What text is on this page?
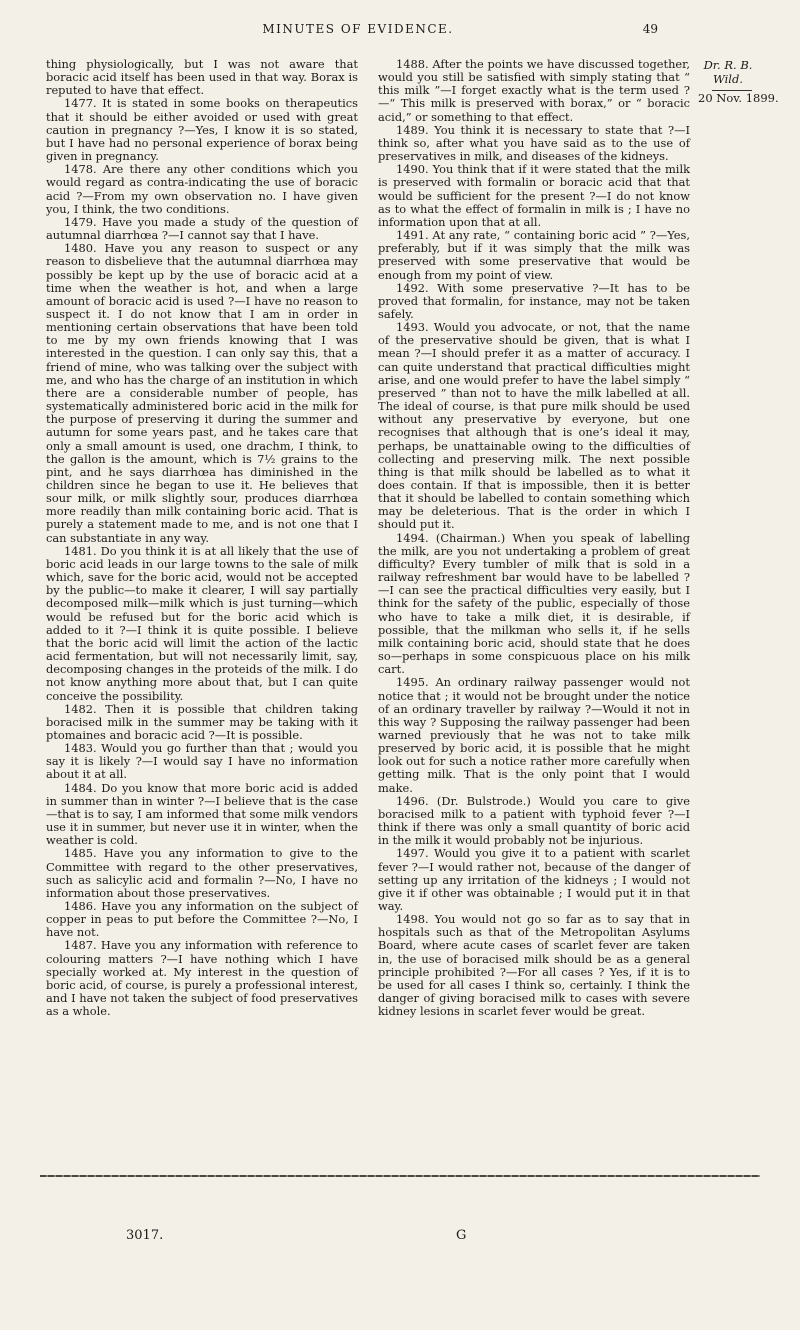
MINUTES OF EVIDENCE.	49

thing physiologically, but I was not aware that boracic acid itself has been used in that way. Borax is reputed to have that effect.

1477. It is stated in some books on therapeutics that it should be either avoided or used with great caution in pregnancy ?—Yes, I know it is so stated, but I have had no personal experience of borax being given in pregnancy.

1478. Are there any other conditions which you would regard as contra-indicating the use of boracic acid ?—From my own observation no. I have given you, I think, the two conditions.

1479. Have you made a study of the question of autumnal diarrhœa ?—I cannot say that I have.

1480. Have you any reason to suspect or any reason to disbelieve that the autumnal diarrhœa may possibly be kept up by the use of boracic acid at a time when the weather is hot, and when a large amount of boracic acid is used ?—I have no reason to suspect it. I do not know that I am in order in mentioning certain observations that have been told to me by my own friends knowing that I was interested in the question. I can only say this, that a friend of mine, who was talking over the subject with me, and who has the charge of an institution in which there are a considerable number of people, has systematically administered boric acid in the milk for the purpose of preserving it during the summer and autumn for some years past, and he takes care that only a small amount is used, one drachm, I think, to the gallon is the amount, which is 7½ grains to the pint, and he says diarrhœa has diminished in the children since he began to use it. He believes that sour milk, or milk slightly sour, produces diarrhœa more readily than milk containing boric acid. That is purely a statement made to me, and is not one that I can substantiate in any way.

1481. Do you think it is at all likely that the use of boric acid leads in our large towns to the sale of milk which, save for the boric acid, would not be accepted by the public—to make it clearer, I will say partially decomposed milk—milk which is just turning—which would be refused but for the boric acid which is added to it ?—I think it is quite possible. I believe that the boric acid will limit the action of the lactic acid fermentation, but will not necessarily limit, say, decomposing changes in the proteids of the milk. I do not know anything more about that, but I can quite conceive the possibility.

1482. Then it is possible that children taking boracised milk in the summer may be taking with it ptomaines and boracic acid ?—It is possible.

1483. Would you go further than that ; would you say it is likely ?—I would say I have no information about it at all.

1484. Do you know that more boric acid is added in summer than in winter ?—I believe that is the case—that is to say, I am informed that some milk vendors use it in summer, but never use it in winter, when the weather is cold.

1485. Have you any information to give to the Committee with regard to the other preservatives, such as salicylic acid and formalin ?—No, I have no information about those preservatives.

1486. Have you any information on the subject of copper in peas to put before the Committee ?—No, I have not.

1487. Have you any information with reference to colouring matters ?—I have nothing which I have specially worked at. My interest in the question of boric acid, of course, is purely a professional interest, and I have not taken the subject of food preservatives as a whole.

1488. After the points we have discussed together, would you still be satisfied with simply stating that “ this milk ”—I forget exactly what is the term used ?—“ This milk is preserved with borax,” or “ boracic acid,” or something to that effect.

1489. You think it is necessary to state that ?—I think so, after what you have said as to the use of preservatives in milk, and diseases of the kidneys.

1490. You think that if it were stated that the milk is preserved with formalin or boracic acid that that would be sufficient for the present ?—I do not know as to what the effect of formalin in milk is ; I have no information upon that at all.

1491. At any rate, “ containing boric acid ” ?—Yes, preferably, but if it was simply that the milk was preserved with some preservative that would be enough from my point of view.

1492. With some preservative ?—It has to be proved that formalin, for instance, may not be taken safely.

1493. Would you advocate, or not, that the name of the preservative should be given, that is what I mean ?—I should prefer it as a matter of accuracy. I can quite understand that practical difficulties might arise, and one would prefer to have the label simply “ preserved ” than not to have the milk labelled at all. The ideal of course, is that pure milk should be used without any preservative by everyone, but one recognises that although that is one’s ideal it may, perhaps, be unattainable owing to the difficulties of collecting and preserving milk. The next possible thing is that milk should be labelled as to what it does contain. If that is impossible, then it is better that it should be labelled to contain something which may be deleterious. That is the order in which I should put it.

1494. (Chairman.) When you speak of labelling the milk, are you not undertaking a problem of great difficulty? Every tumbler of milk that is sold in a railway refreshment bar would have to be labelled ?—I can see the practical difficulties very easily, but I think for the safety of the public, especially of those who have to take a milk diet, it is desirable, if possible, that the milkman who sells it, if he sells milk containing boric acid, should state that he does so—perhaps in some conspicuous place on his milk cart.

1495. An ordinary railway passenger would not notice that ; it would not be brought under the notice of an ordinary traveller by railway ?—Would it not in this way ? Supposing the railway passenger had been warned previously that he was not to take milk preserved by boric acid, it is possible that he might look out for such a notice rather more carefully when getting milk. That is the only point that I would make.

1496. (Dr. Bulstrode.) Would you care to give boracised milk to a patient with typhoid fever ?—I think if there was only a small quantity of boric acid in the milk it would probably not be injurious.

1497. Would you give it to a patient with scarlet fever ?—I would rather not, because of the danger of setting up any irritation of the kidneys ; I would not give it if other was obtainable ; I would put it in that way.

1498. You would not go so far as to say that in hospitals such as that of the Metropolitan Asylums Board, where acute cases of scarlet fever are taken in, the use of boracised milk should be as a general principle prohibited ?—For all cases ? Yes, if it is to be used for all cases I think so, certainly. I think the danger of giving boracised milk to cases with severe kidney lesions in scarlet fever would be great.

Dr. R. B.
Wild.
20 Nov. 1899.
3017.	G
